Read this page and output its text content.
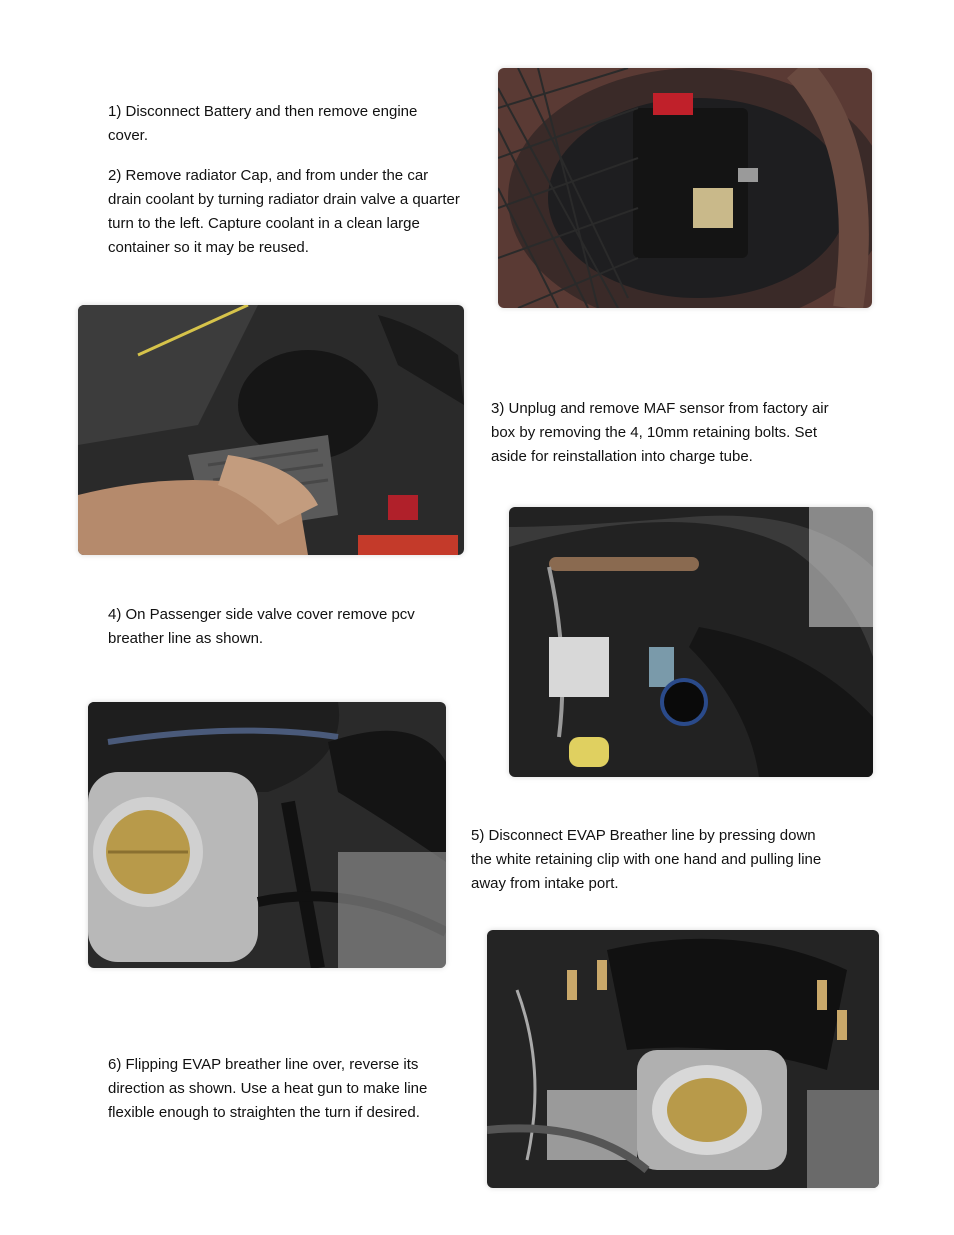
1) Disconnect Battery and then remove engine cover.

2) Remove radiator Cap, and from under the car drain coolant by turning radiator drain valve a quarter turn to the left. Capture coolant in a clean large container so it may be reused.

3) Unplug and remove MAF sensor from factory air box by removing the 4, 10mm retaining bolts. Set aside for reinstallation into charge tube.

4) On Passenger side valve cover remove pcv breather line as shown.

5) Disconnect EVAP Breather line by pressing down the white retaining clip with one hand and pulling line away from intake port.

6) Flipping EVAP breather line over, reverse its direction as shown. Use a heat gun to make line flexible enough to straighten the turn if desired.
